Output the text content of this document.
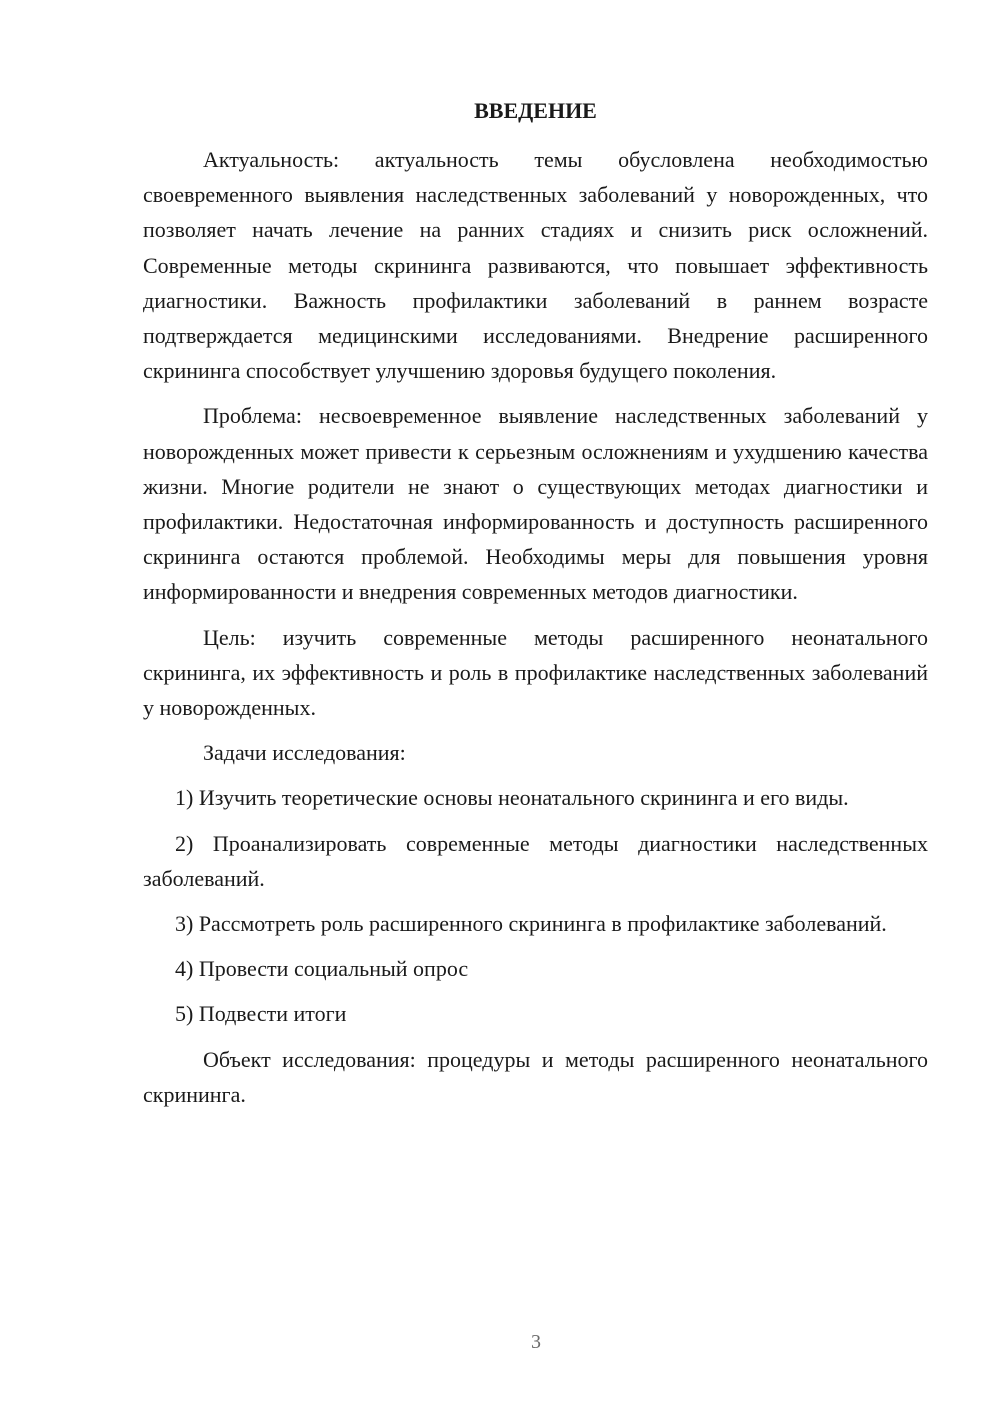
ВВЕДЕНИЕ

Актуальность: актуальность темы обусловлена необходимостью своевременного выявления наследственных заболеваний у новорожденных, что позволяет начать лечение на ранних стадиях и снизить риск осложнений. Современные методы скрининга развиваются, что повышает эффективность диагностики. Важность профилактики заболеваний в раннем возрасте подтверждается медицинскими исследованиями. Внедрение расширенного скрининга способствует улучшению здоровья будущего поколения.

Проблема: несвоевременное выявление наследственных заболеваний у новорожденных может привести к серьезным осложнениям и ухудшению качества жизни. Многие родители не знают о существующих методах диагностики и профилактики. Недостаточная информированность и доступность расширенного скрининга остаются проблемой. Необходимы меры для повышения уровня информированности и внедрения современных методов диагностики.

Цель: изучить современные методы расширенного неонатального скрининга, их эффективность и роль в профилактике наследственных заболеваний у новорожденных.

Задачи исследования:

1) Изучить теоретические основы неонатального скрининга и его виды.

2) Проанализировать современные методы диагностики наследственных заболеваний.

3) Рассмотреть роль расширенного скрининга в профилактике заболеваний.

4) Провести социальный опрос

5) Подвести итоги

Объект исследования: процедуры и методы расширенного неонатального скрининга.

3
